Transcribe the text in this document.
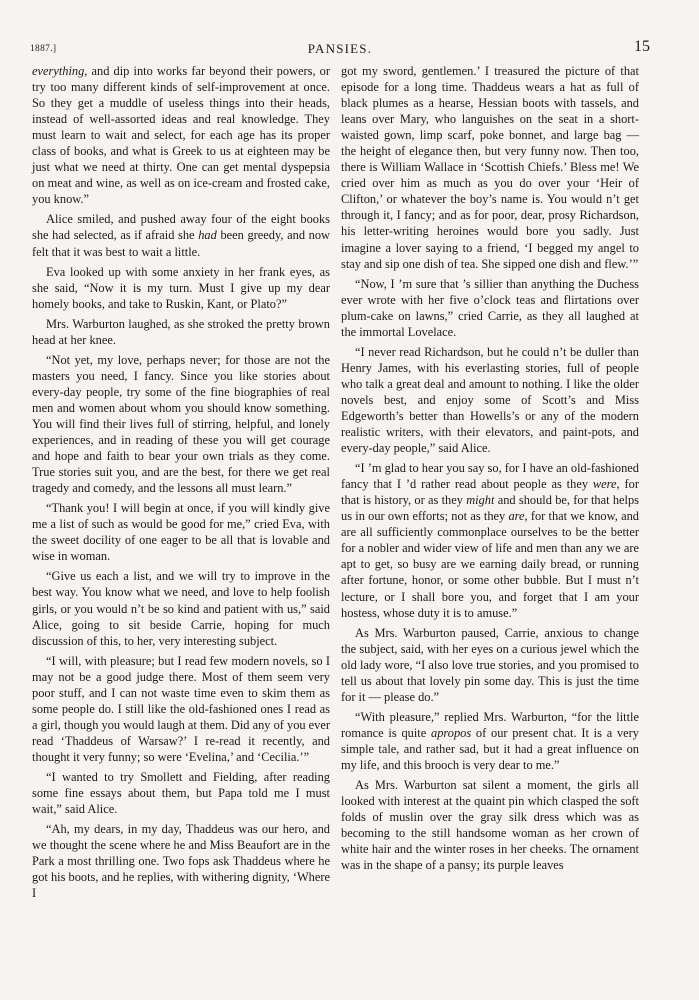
1887.]	PANSIES.	15

everything, and dip into works far beyond their powers, or try too many different kinds of self-improvement at once. So they get a muddle of useless things into their heads, instead of well-assorted ideas and real knowledge. They must learn to wait and select, for each age has its proper class of books, and what is Greek to us at eighteen may be just what we need at thirty. One can get mental dyspepsia on meat and wine, as well as on ice-cream and frosted cake, you know.”

Alice smiled, and pushed away four of the eight books she had selected, as if afraid she had been greedy, and now felt that it was best to wait a little.

Eva looked up with some anxiety in her frank eyes, as she said, “Now it is my turn. Must I give up my dear homely books, and take to Ruskin, Kant, or Plato?”

Mrs. Warburton laughed, as she stroked the pretty brown head at her knee.

“Not yet, my love, perhaps never; for those are not the masters you need, I fancy. Since you like stories about every-day people, try some of the fine biographies of real men and women about whom you should know something. You will find their lives full of stirring, helpful, and lonely experiences, and in reading of these you will get courage and hope and faith to bear your own trials as they come. True stories suit you, and are the best, for there we get real tragedy and comedy, and the lessons all must learn.”

“Thank you! I will begin at once, if you will kindly give me a list of such as would be good for me,” cried Eva, with the sweet docility of one eager to be all that is lovable and wise in woman.

“Give us each a list, and we will try to improve in the best way. You know what we need, and love to help foolish girls, or you would n’t be so kind and patient with us,” said Alice, going to sit beside Carrie, hoping for much discussion of this, to her, very interesting subject.

“I will, with pleasure; but I read few modern novels, so I may not be a good judge there. Most of them seem very poor stuff, and I can not waste time even to skim them as some people do. I still like the old-fashioned ones I read as a girl, though you would laugh at them. Did any of you ever read ‘Thaddeus of Warsaw?’ I re-read it recently, and thought it very funny; so were ‘Evelina,’ and ‘Cecilia.’”

“I wanted to try Smollett and Fielding, after reading some fine essays about them, but Papa told me I must wait,” said Alice.

“Ah, my dears, in my day, Thaddeus was our hero, and we thought the scene where he and Miss Beaufort are in the Park a most thrilling one. Two fops ask Thaddeus where he got his boots, and he replies, with withering dignity, ‘Where I

got my sword, gentlemen.’ I treasured the picture of that episode for a long time. Thaddeus wears a hat as full of black plumes as a hearse, Hessian boots with tassels, and leans over Mary, who languishes on the seat in a short-waisted gown, limp scarf, poke bonnet, and large bag — the height of elegance then, but very funny now. Then too, there is William Wallace in ‘Scottish Chiefs.’ Bless me! We cried over him as much as you do over your ‘Heir of Clifton,’ or whatever the boy’s name is. You would n’t get through it, I fancy; and as for poor, dear, prosy Richardson, his letter-writing heroines would bore you sadly. Just imagine a lover saying to a friend, ‘I begged my angel to stay and sip one dish of tea. She sipped one dish and flew.’”

“Now, I ’m sure that ’s sillier than anything the Duchess ever wrote with her five o’clock teas and flirtations over plum-cake on lawns,” cried Carrie, as they all laughed at the immortal Lovelace.

“I never read Richardson, but he could n’t be duller than Henry James, with his everlasting stories, full of people who talk a great deal and amount to nothing. I like the older novels best, and enjoy some of Scott’s and Miss Edgeworth’s better than Howells’s or any of the modern realistic writers, with their elevators, and paint-pots, and every-day people,” said Alice.

“I ’m glad to hear you say so, for I have an old-fashioned fancy that I ’d rather read about people as they were, for that is history, or as they might and should be, for that helps us in our own efforts; not as they are, for that we know, and are all sufficiently commonplace ourselves to be the better for a nobler and wider view of life and men than any we are apt to get, so busy are we earning daily bread, or running after fortune, honor, or some other bubble. But I must n’t lecture, or I shall bore you, and forget that I am your hostess, whose duty it is to amuse.”

As Mrs. Warburton paused, Carrie, anxious to change the subject, said, with her eyes on a curious jewel which the old lady wore, “I also love true stories, and you promised to tell us about that lovely pin some day. This is just the time for it — please do.”

“With pleasure,” replied Mrs. Warburton, “for the little romance is quite apropos of our present chat. It is a very simple tale, and rather sad, but it had a great influence on my life, and this brooch is very dear to me.”

As Mrs. Warburton sat silent a moment, the girls all looked with interest at the quaint pin which clasped the soft folds of muslin over the gray silk dress which was as becoming to the still handsome woman as her crown of white hair and the winter roses in her cheeks. The ornament was in the shape of a pansy; its purple leaves
